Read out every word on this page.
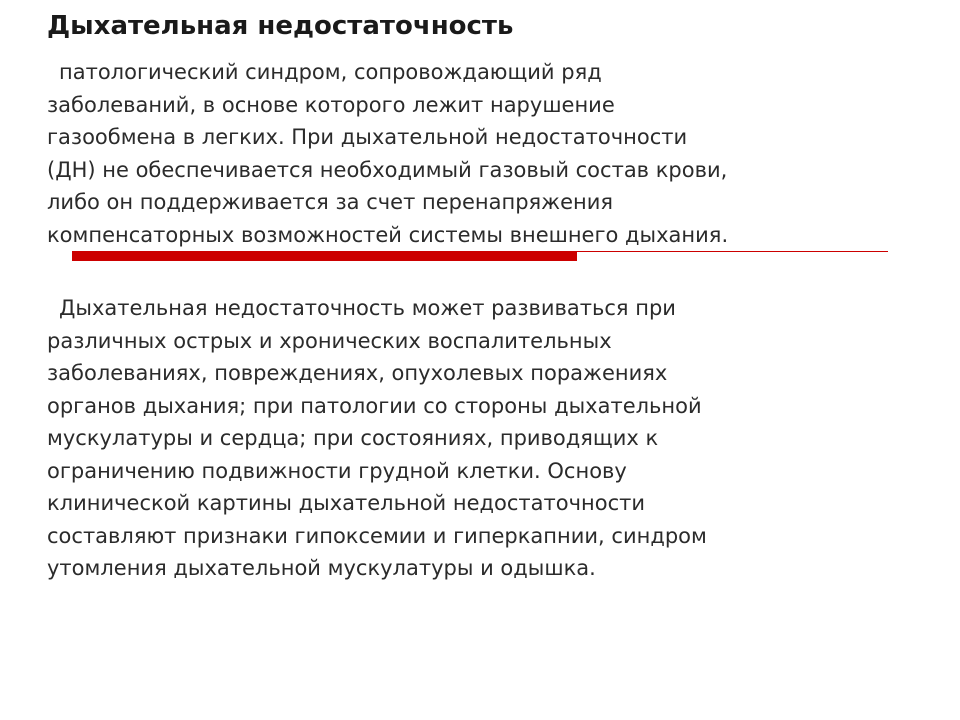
Дыхательная недостаточность

патологический синдром, сопровождающий ряд
заболеваний, в основе которого лежит нарушение
газообмена в легких. При дыхательной недостаточности
(ДН) не обеспечивается необходимый газовый состав крови,
либо он поддерживается за счет перенапряжения
компенсаторных возможностей системы внешнего дыхания.

Дыхательная недостаточность может развиваться при
различных острых и хронических воспалительных
заболеваниях, повреждениях, опухолевых поражениях
органов дыхания; при патологии со стороны дыхательной
мускулатуры и сердца; при состояниях, приводящих к
ограничению подвижности грудной клетки. Основу
клинической картины дыхательной недостаточности
составляют признаки гипоксемии и гиперкапнии, синдром
утомления дыхательной мускулатуры и одышка.
